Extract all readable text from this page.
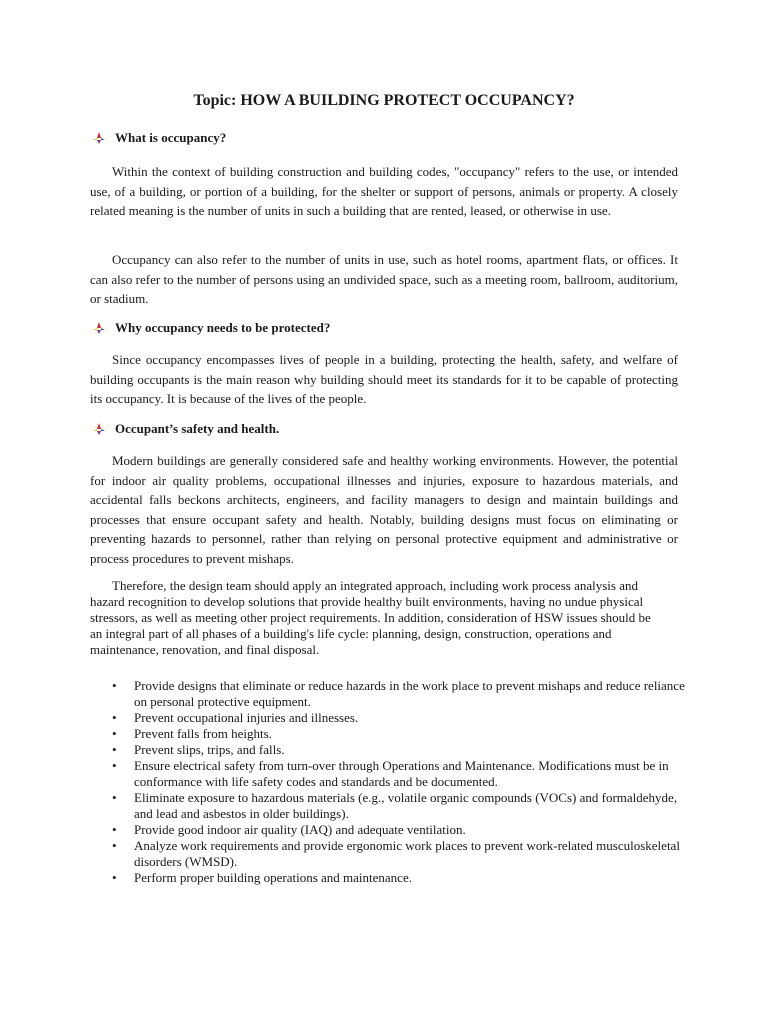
Topic: HOW A BUILDING PROTECT OCCUPANCY?
What is occupancy?

Within the context of building construction and building codes, "occupancy" refers to the use, or intended use, of a building, or portion of a building, for the shelter or support of persons, animals or property. A closely related meaning is the number of units in such a building that are rented, leased, or otherwise in use.

Occupancy can also refer to the number of units in use, such as hotel rooms, apartment flats, or offices. It can also refer to the number of persons using an undivided space, such as a meeting room, ballroom, auditorium, or stadium.

Why occupancy needs to be protected?

Since occupancy encompasses lives of people in a building, protecting the health, safety, and welfare of building occupants is the main reason why building should meet its standards for it to be capable of protecting its occupancy. It is because of the lives of the people.

Occupant’s safety and health.

Modern buildings are generally considered safe and healthy working environments. However, the potential for indoor air quality problems, occupational illnesses and injuries, exposure to hazardous materials, and accidental falls beckons architects, engineers, and facility managers to design and maintain buildings and processes that ensure occupant safety and health. Notably, building designs must focus on eliminating or preventing hazards to personnel, rather than relying on personal protective equipment and administrative or process procedures to prevent mishaps.

Therefore, the design team should apply an integrated approach, including work process analysis and hazard recognition to develop solutions that provide healthy built environments, having no undue physical stressors, as well as meeting other project requirements. In addition, consideration of HSW issues should be an integral part of all phases of a building's life cycle: planning, design, construction, operations and maintenance, renovation, and final disposal.

• Provide designs that eliminate or reduce hazards in the work place to prevent mishaps and reduce reliance on personal protective equipment.
• Prevent occupational injuries and illnesses.
• Prevent falls from heights.
• Prevent slips, trips, and falls.
• Ensure electrical safety from turn-over through Operations and Maintenance. Modifications must be in conformance with life safety codes and standards and be documented.
• Eliminate exposure to hazardous materials (e.g., volatile organic compounds (VOCs) and formaldehyde, and lead and asbestos in older buildings).
• Provide good indoor air quality (IAQ) and adequate ventilation.
• Analyze work requirements and provide ergonomic work places to prevent work-related musculoskeletal disorders (WMSD).
• Perform proper building operations and maintenance.
